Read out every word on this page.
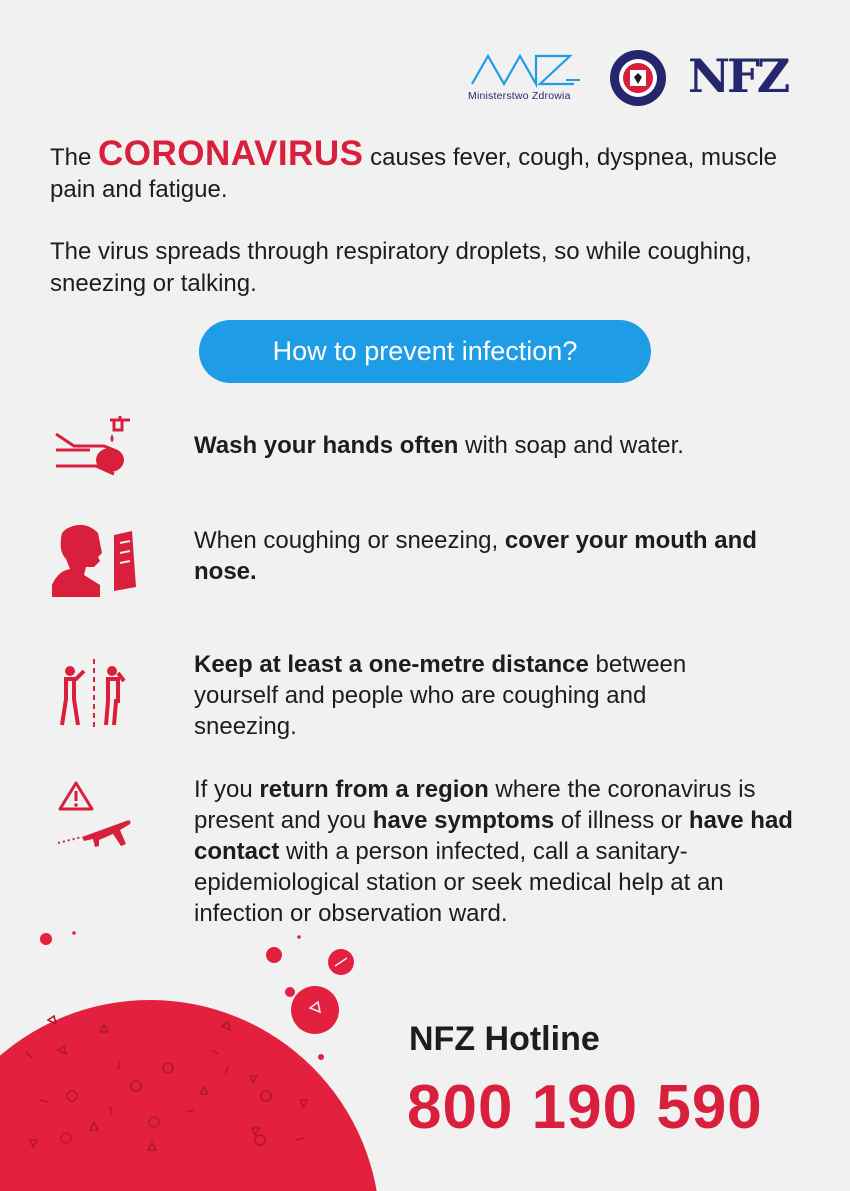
Ministerstwo Zdrowia	NFZ

The CORONAVIRUS causes fever, cough, dyspnea, muscle pain and fatigue.

The virus spreads through respiratory droplets, so while coughing, sneezing or talking.

How to prevent infection?
Wash your hands often with soap and water.
When coughing or sneezing, cover your mouth and nose.
Keep at least a one-metre distance between yourself and people who are coughing and sneezing.
If you return from a region where the coronavirus is present and you have symptoms of illness or have had contact with a person infected, call a sanitary-epidemiological station or seek medical help at an infection or observation ward.
NFZ Hotline
800 190 590
